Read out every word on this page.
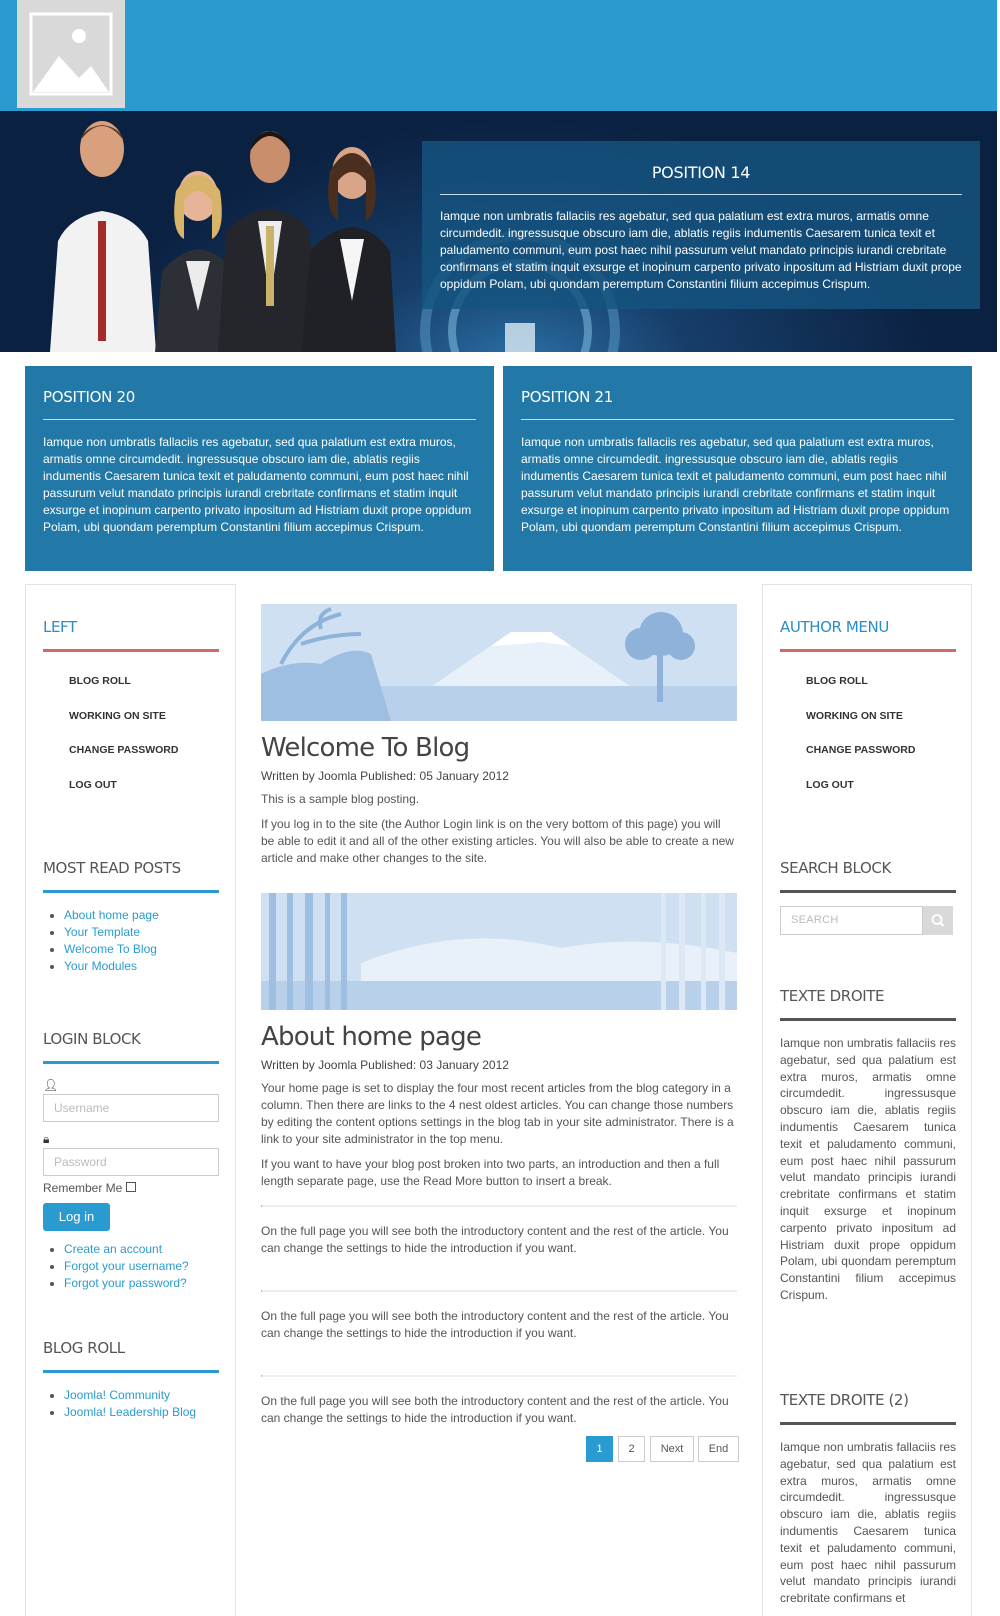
POSITION 14

Iamque non umbratis fallaciis res agebatur, sed qua palatium est extra muros, armatis omne circumdedit. ingressusque obscuro iam die, ablatis regiis indumentis Caesarem tunica texit et paludamento communi, eum post haec nihil passurum velut mandato principis iurandi crebritate confirmans et statim inquit exsurge et inopinum carpento privato inpositum ad Histriam duxit prope oppidum Polam, ubi quondam peremptum Constantini filium accepimus Crispum.

POSITION 20

Iamque non umbratis fallaciis res agebatur, sed qua palatium est extra muros, armatis omne circumdedit. ingressusque obscuro iam die, ablatis regiis indumentis Caesarem tunica texit et paludamento communi, eum post haec nihil passurum velut mandato principis iurandi crebritate confirmans et statim inquit exsurge et inopinum carpento privato inpositum ad Histriam duxit prope oppidum Polam, ubi quondam peremptum Constantini filium accepimus Crispum.

POSITION 21

Iamque non umbratis fallaciis res agebatur, sed qua palatium est extra muros, armatis omne circumdedit. ingressusque obscuro iam die, ablatis regiis indumentis Caesarem tunica texit et paludamento communi, eum post haec nihil passurum velut mandato principis iurandi crebritate confirmans et statim inquit exsurge et inopinum carpento privato inpositum ad Histriam duxit prope oppidum Polam, ubi quondam peremptum Constantini filium accepimus Crispum.

LEFT
BLOG ROLL
WORKING ON SITE
CHANGE PASSWORD
LOG OUT
MOST READ POSTS
• About home page
• Your Template
• Welcome To Blog
• Your Modules
LOGIN BLOCK
👤︎
Username
🔒︎
Password
Remember Me
Log in
• Create an account
• Forgot your username?
• Forgot your password?
BLOG ROLL
• Joomla! Community
• Joomla! Leadership Blog
Welcome To Blog
Written by Joomla Published: 05 January 2012

This is a sample blog posting.

If you log in to the site (the Author Login link is on the very bottom of this page) you will be able to edit it and all of the other existing articles. You will also be able to create a new article and make other changes to the site.

About home page
Written by Joomla Published: 03 January 2012

Your home page is set to display the four most recent articles from the blog category in a column. Then there are links to the 4 nest oldest articles. You can change those numbers by editing the content options settings in the blog tab in your site administrator. There is a link to your site administrator in the top menu.

If you want to have your blog post broken into two parts, an introduction and then a full length separate page, use the Read More button to insert a break.

On the full page you will see both the introductory content and the rest of the article. You can change the settings to hide the introduction if you want.

On the full page you will see both the introductory content and the rest of the article. You can change the settings to hide the introduction if you want.

On the full page you will see both the introductory content and the rest of the article. You can change the settings to hide the introduction if you want.

1	2	Next	End
AUTHOR MENU
BLOG ROLL
WORKING ON SITE
CHANGE PASSWORD
LOG OUT
SEARCH BLOCK
SEARCH
TEXTE DROITE

Iamque non umbratis fallaciis res agebatur, sed qua palatium est extra muros, armatis omne circumdedit. ingressusque obscuro iam die, ablatis regiis indumentis Caesarem tunica texit et paludamento communi, eum post haec nihil passurum velut mandato principis iurandi crebritate confirmans et statim inquit exsurge et inopinum carpento privato inpositum ad Histriam duxit prope oppidum Polam, ubi quondam peremptum Constantini filium accepimus Crispum.

TEXTE DROITE (2)

Iamque non umbratis fallaciis res agebatur, sed qua palatium est extra muros, armatis omne circumdedit. ingressusque obscuro iam die, ablatis regiis indumentis Caesarem tunica texit et paludamento communi, eum post haec nihil passurum velut mandato principis iurandi crebritate confirmans et
